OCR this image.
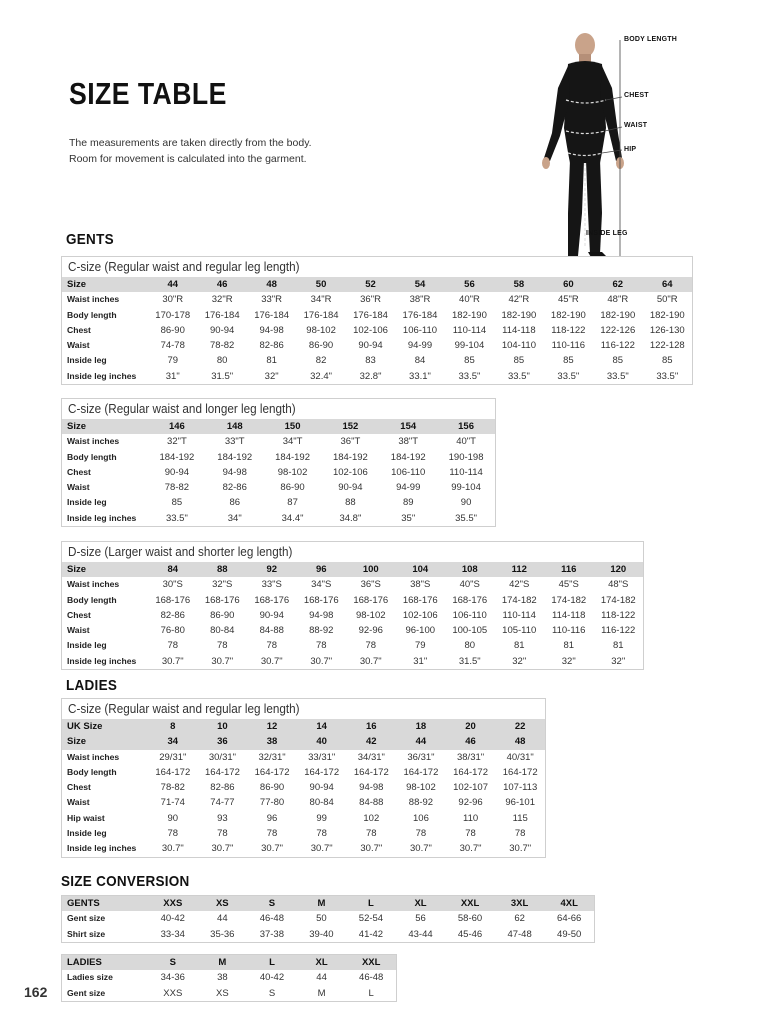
SIZE TABLE
The measurements are taken directly from the body.
Room for movement is calculated into the garment.
BODY LENGTH
CHEST
WAIST
HIP
INSIDE LEG
GENTS
LADIES
SIZE CONVERSION
C-size (Regular waist and regular leg length)
Size	44	46	48	50	52	54	56	58	60	62	64
Waist inches	30"R	32"R	33"R	34"R	36"R	38"R	40"R	42"R	45"R	48"R	50"R
Body length	170-178	176-184	176-184	176-184	176-184	176-184	182-190	182-190	182-190	182-190	182-190
Chest	86-90	90-94	94-98	98-102	102-106	106-110	110-114	114-118	118-122	122-126	126-130
Waist	74-78	78-82	82-86	86-90	90-94	94-99	99-104	104-110	110-116	116-122	122-128
Inside leg	79	80	81	82	83	84	85	85	85	85	85
Inside leg inches	31"	31.5"	32"	32.4"	32.8"	33.1"	33.5"	33.5"	33.5"	33.5"	33.5"
C-size (Regular waist and longer leg length)
Size	146	148	150	152	154	156
Waist inches	32"T	33"T	34"T	36"T	38"T	40"T
Body length	184-192	184-192	184-192	184-192	184-192	190-198
Chest	90-94	94-98	98-102	102-106	106-110	110-114
Waist	78-82	82-86	86-90	90-94	94-99	99-104
Inside leg	85	86	87	88	89	90
Inside leg inches	33.5"	34"	34.4"	34.8"	35"	35.5"
D-size (Larger waist and shorter leg length)
Size	84	88	92	96	100	104	108	112	116	120
Waist inches	30"S	32"S	33"S	34"S	36"S	38"S	40"S	42"S	45"S	48"S
Body length	168-176	168-176	168-176	168-176	168-176	168-176	168-176	174-182	174-182	174-182
Chest	82-86	86-90	90-94	94-98	98-102	102-106	106-110	110-114	114-118	118-122
Waist	76-80	80-84	84-88	88-92	92-96	96-100	100-105	105-110	110-116	116-122
Inside leg	78	78	78	78	78	79	80	81	81	81
Inside leg inches	30.7"	30.7"	30.7"	30.7"	30.7"	31"	31.5"	32"	32"	32"
C-size (Regular waist and regular leg length)
UK Size	8	10	12	14	16	18	20	22
Size	34	36	38	40	42	44	46	48
Waist inches	29/31"	30/31"	32/31"	33/31"	34/31"	36/31"	38/31"	40/31"
Body length	164-172	164-172	164-172	164-172	164-172	164-172	164-172	164-172
Chest	78-82	82-86	86-90	90-94	94-98	98-102	102-107	107-113
Waist	71-74	74-77	77-80	80-84	84-88	88-92	92-96	96-101
Hip waist	90	93	96	99	102	106	110	115
Inside leg	78	78	78	78	78	78	78	78
Inside leg inches	30.7"	30.7"	30.7"	30.7"	30.7"	30.7"	30.7"	30.7"
GENTS	XXS	XS	S	M	L	XL	XXL	3XL	4XL
Gent size	40-42	44	46-48	50	52-54	56	58-60	62	64-66
Shirt size	33-34	35-36	37-38	39-40	41-42	43-44	45-46	47-48	49-50
LADIES	S	M	L	XL	XXL
Ladies size	34-36	38	40-42	44	46-48
Gent size	XXS	XS	S	M	L
162
